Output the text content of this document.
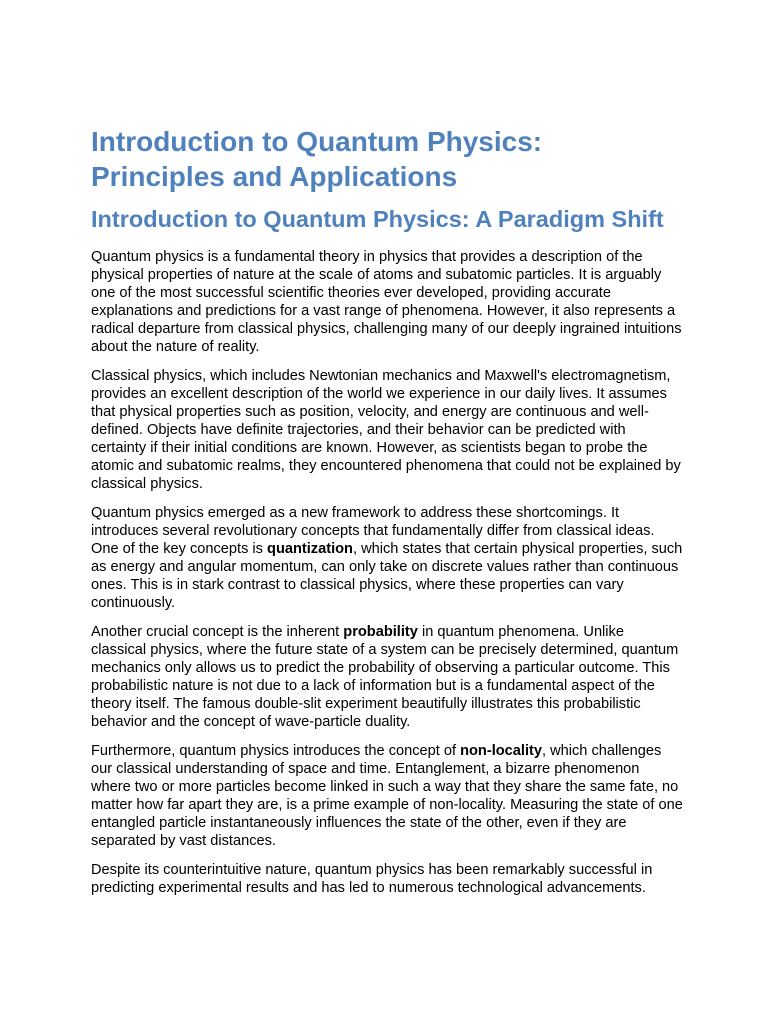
Introduction to Quantum Physics: Principles and Applications
Introduction to Quantum Physics: A Paradigm Shift

Quantum physics is a fundamental theory in physics that provides a description of the physical properties of nature at the scale of atoms and subatomic particles. It is arguably one of the most successful scientific theories ever developed, providing accurate explanations and predictions for a vast range of phenomena. However, it also represents a radical departure from classical physics, challenging many of our deeply ingrained intuitions about the nature of reality.

Classical physics, which includes Newtonian mechanics and Maxwell's electromagnetism, provides an excellent description of the world we experience in our daily lives. It assumes that physical properties such as position, velocity, and energy are continuous and well-defined. Objects have definite trajectories, and their behavior can be predicted with certainty if their initial conditions are known. However, as scientists began to probe the atomic and subatomic realms, they encountered phenomena that could not be explained by classical physics.

Quantum physics emerged as a new framework to address these shortcomings. It introduces several revolutionary concepts that fundamentally differ from classical ideas. One of the key concepts is quantization, which states that certain physical properties, such as energy and angular momentum, can only take on discrete values rather than continuous ones. This is in stark contrast to classical physics, where these properties can vary continuously.

Another crucial concept is the inherent probability in quantum phenomena. Unlike classical physics, where the future state of a system can be precisely determined, quantum mechanics only allows us to predict the probability of observing a particular outcome. This probabilistic nature is not due to a lack of information but is a fundamental aspect of the theory itself. The famous double-slit experiment beautifully illustrates this probabilistic behavior and the concept of wave-particle duality.

Furthermore, quantum physics introduces the concept of non-locality, which challenges our classical understanding of space and time. Entanglement, a bizarre phenomenon where two or more particles become linked in such a way that they share the same fate, no matter how far apart they are, is a prime example of non-locality. Measuring the state of one entangled particle instantaneously influences the state of the other, even if they are separated by vast distances.

Despite its counterintuitive nature, quantum physics has been remarkably successful in predicting experimental results and has led to numerous technological advancements.
